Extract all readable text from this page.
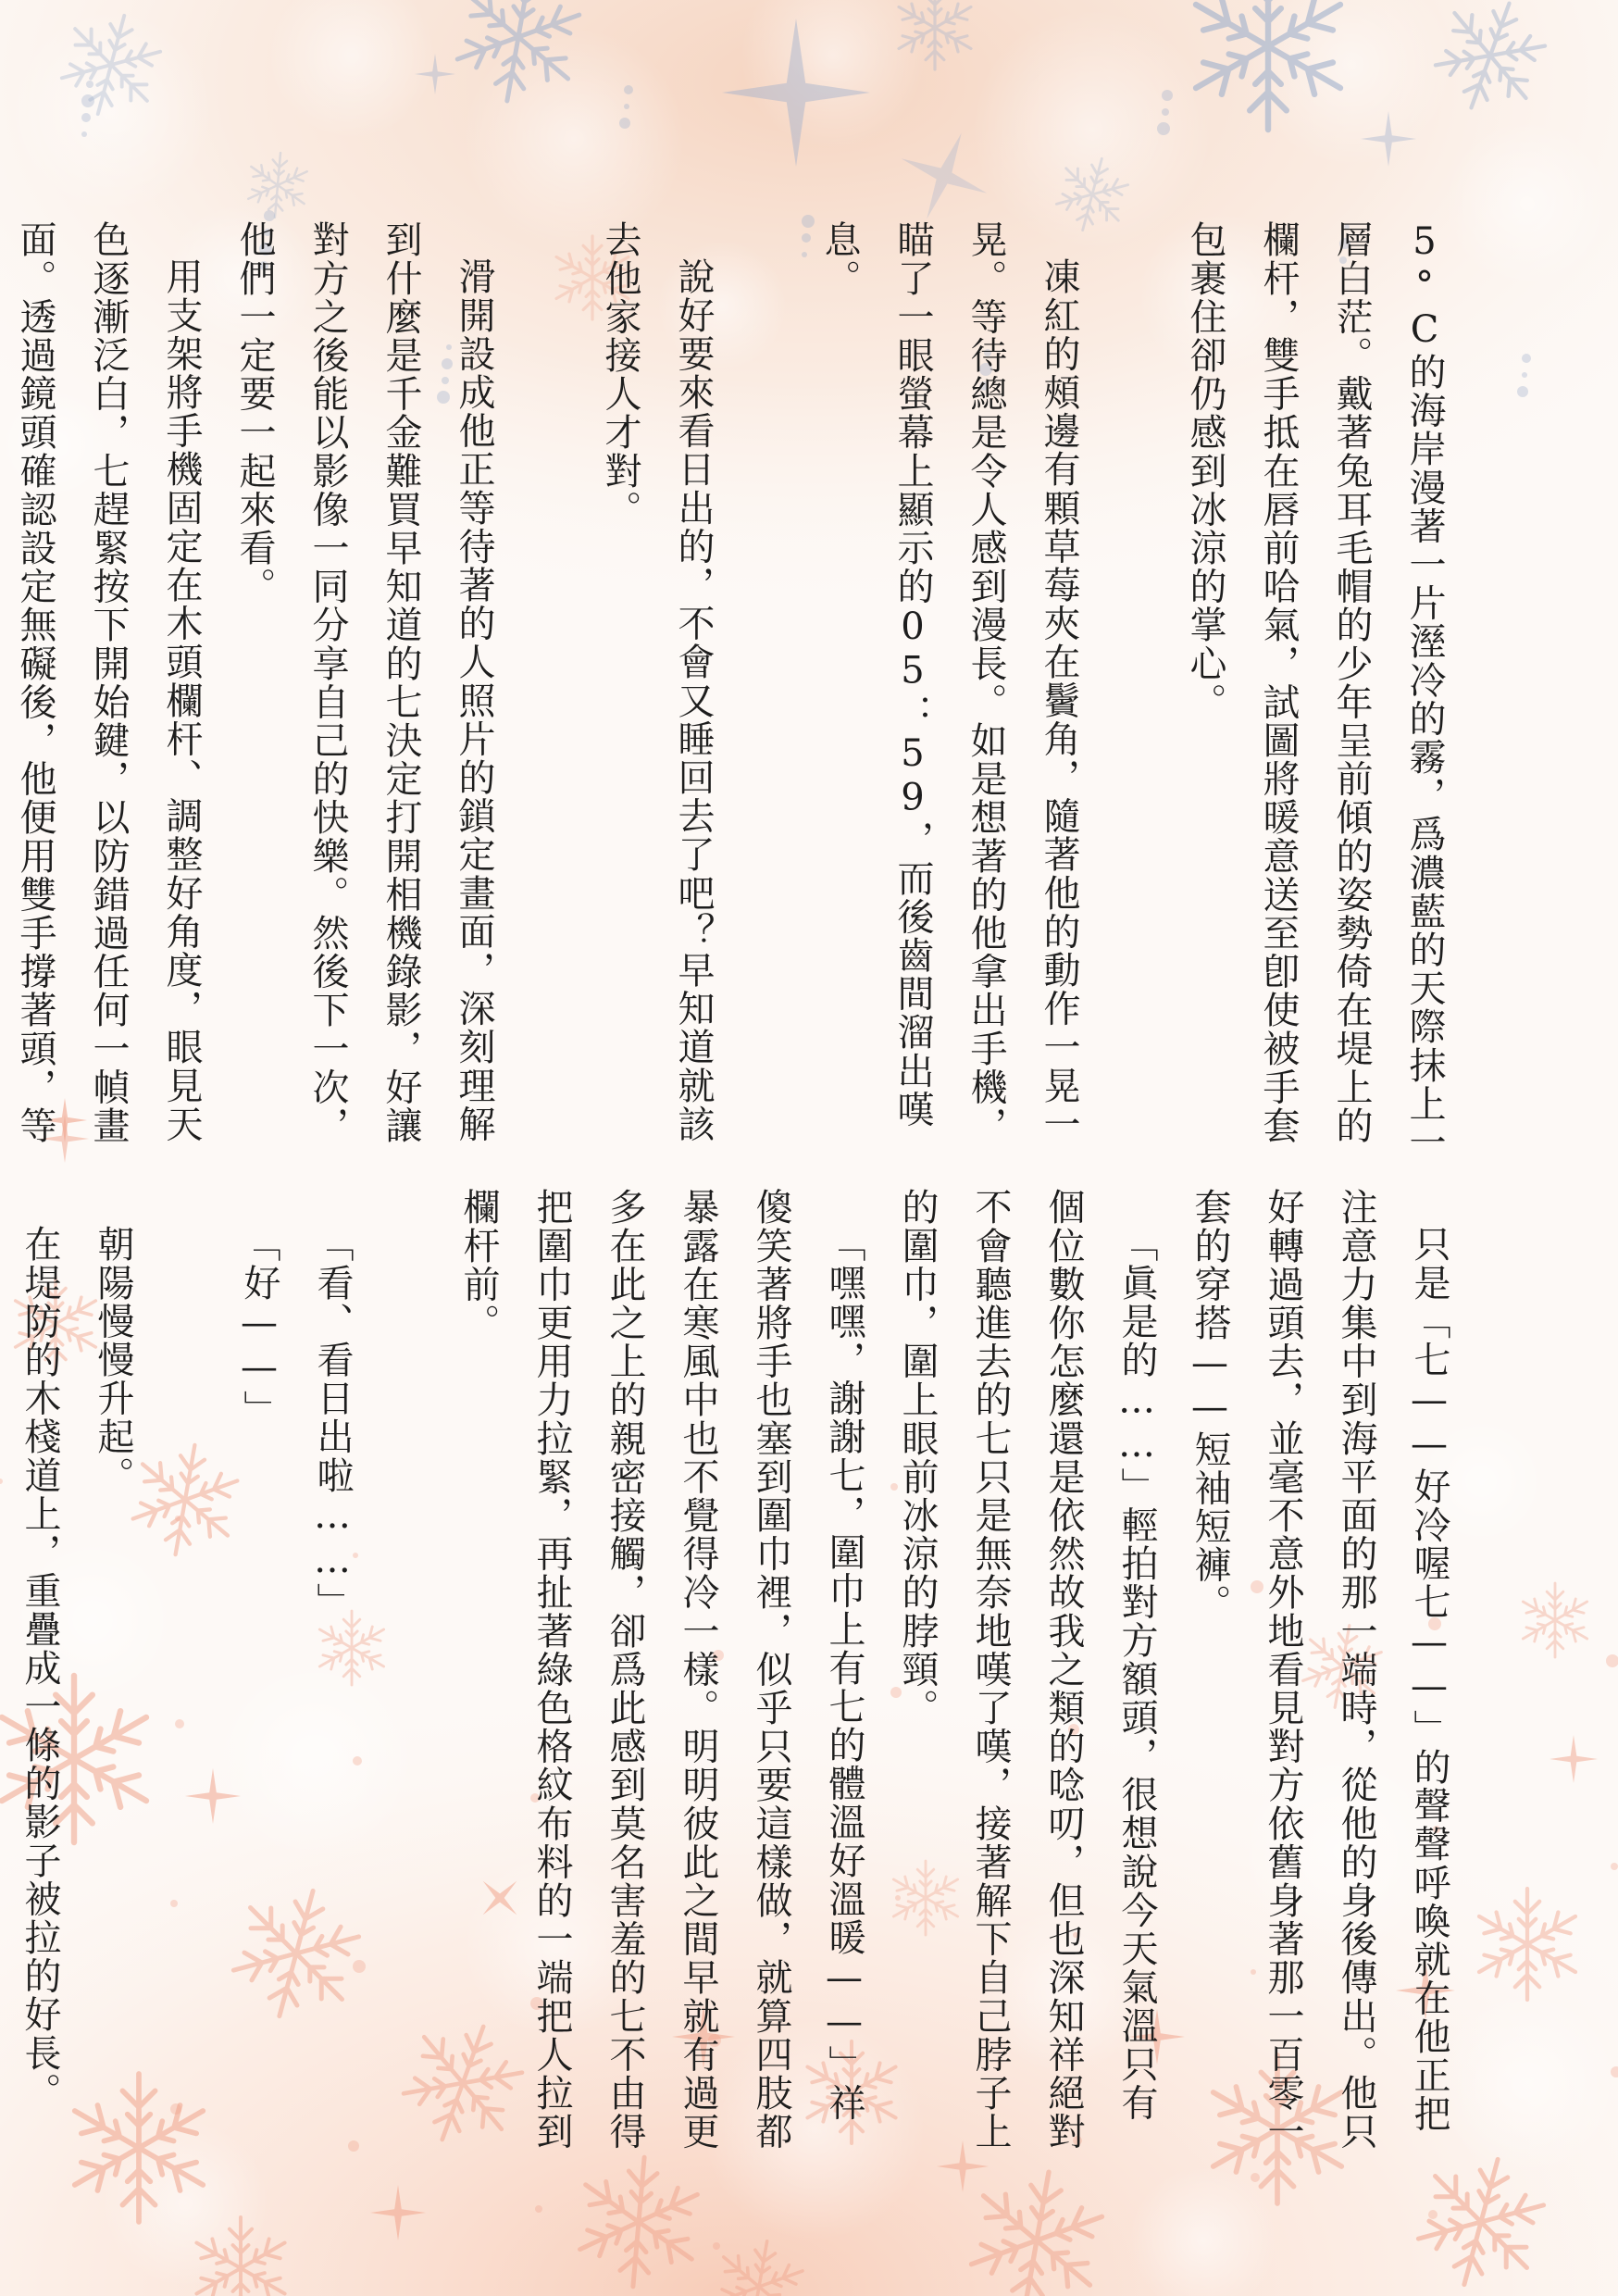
5°C的海岸漫著一片溼冷的霧，爲濃藍的天際抹上一層白茫。戴著兔耳毛帽的少年呈前傾的姿勢倚在堤上的欄杆，雙手抵在唇前哈氣，試圖將暖意送至卽使被手套包裹住卻仍感到冰涼的掌心。

凍紅的頰邊有顆草莓夾在鬢角，隨著他的動作一晃一晃。等待總是令人感到漫長。如是想著的他拿出手機，瞄了一眼螢幕上顯示的05：59，而後齒間溜出嘆息。

說好要來看日出的，不會又睡回去了吧？早知道就該去他家接人才對。

滑開設成他正等待著的人照片的鎖定畫面，深刻理解到什麼是千金難買早知道的七決定打開相機錄影，好讓對方之後能以影像一同分享自己的快樂。然後下一次，他們一定要一起來看。

用支架將手機固定在木頭欄杆、調整好角度，眼見天色逐漸泛白，七趕緊按下開始鍵，以防錯過任何一幀畫面。透過鏡頭確認設定無礙後，他便用雙手撐著頭，等

只是「七——好冷喔七——」的聲聲呼喚就在他正把注意力集中到海平面的那一端時，從他的身後傳出。他只好轉過頭去，並毫不意外地看見對方依舊身著那一百零一套的穿搭——短袖短褲。

「眞是的……」輕拍對方額頭，很想說今天氣溫只有個位數你怎麼還是依然故我之類的唸叨，但也深知祥絕對不會聽進去的七只是無奈地嘆了嘆，接著解下自己脖子上的圍巾，圍上眼前冰涼的脖頸。

「嘿嘿，謝謝七，圍巾上有七的體溫好溫暖——」祥傻笑著將手也塞到圍巾裡，似乎只要這樣做，就算四肢都暴露在寒風中也不覺得冷一樣。明明彼此之間早就有過更多在此之上的親密接觸，卻爲此感到莫名害羞的七不由得把圍巾更用力拉緊，再扯著綠色格紋布料的一端把人拉到欄杆前。

「看、看日出啦……」

「好——」

朝陽慢慢升起。

在堤防的木棧道上，重疊成一條的影子被拉的好長。
